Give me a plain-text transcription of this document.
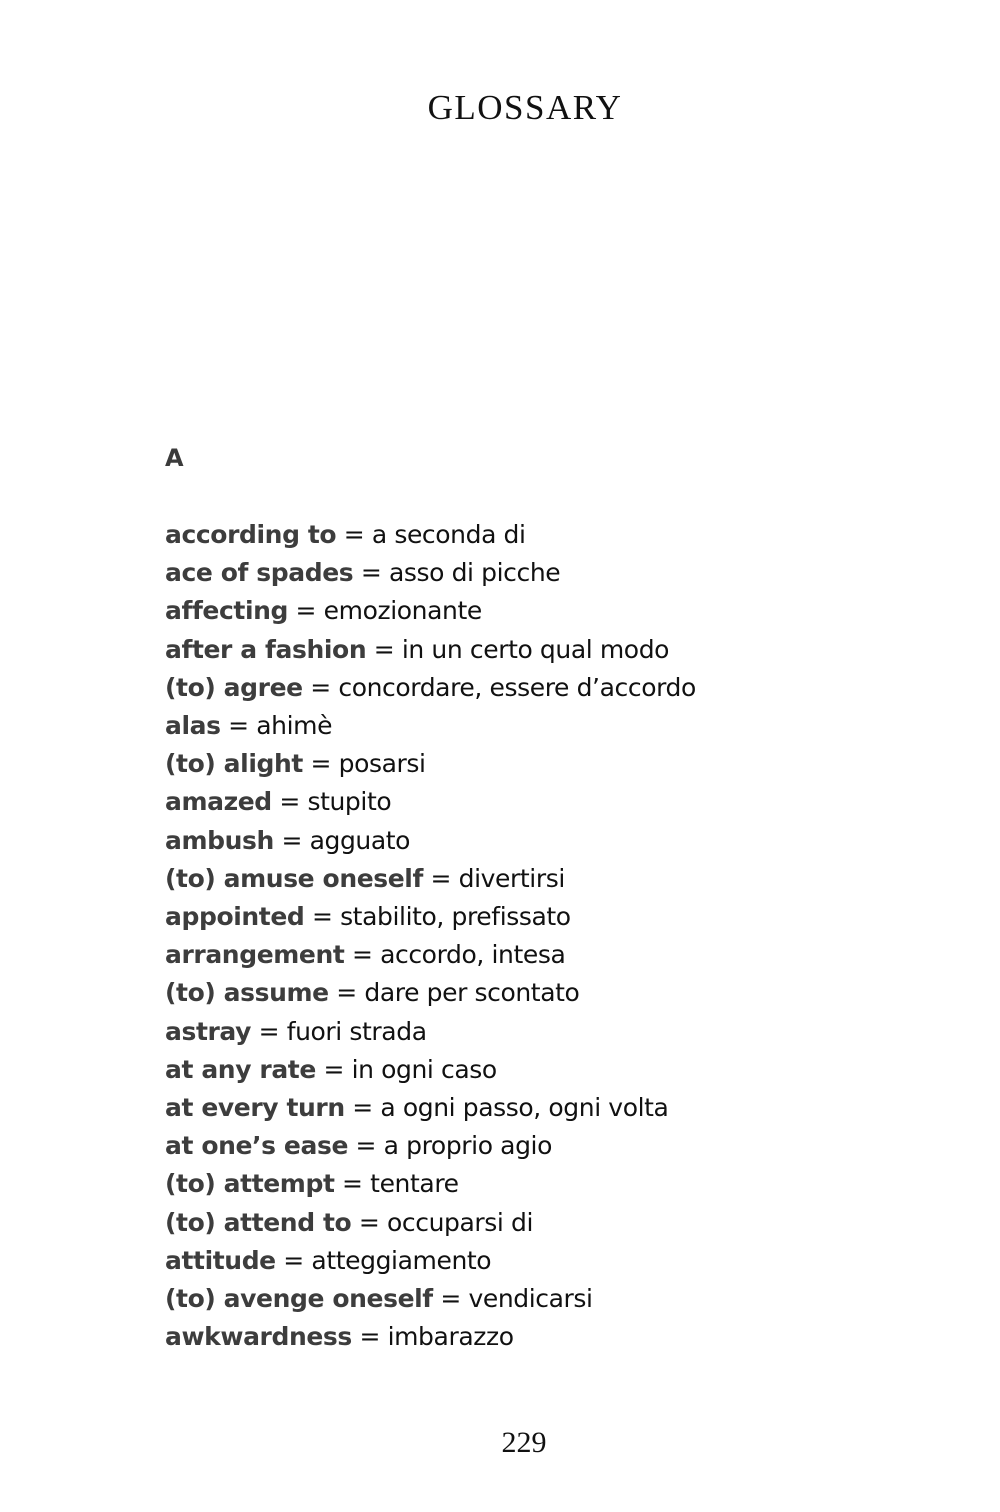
GLOSSARY
A
according to = a seconda di
ace of spades = asso di picche
affecting = emozionante
after a fashion = in un certo qual modo
(to) agree = concordare, essere d’accordo
alas = ahimè
(to) alight = posarsi
amazed = stupito
ambush = agguato
(to) amuse oneself = divertirsi
appointed = stabilito, prefissato
arrangement = accordo, intesa
(to) assume = dare per scontato
astray = fuori strada
at any rate = in ogni caso
at every turn = a ogni passo, ogni volta
at one’s ease = a proprio agio
(to) attempt = tentare
(to) attend to = occuparsi di
attitude = atteggiamento
(to) avenge oneself = vendicarsi
awkwardness = imbarazzo
229
